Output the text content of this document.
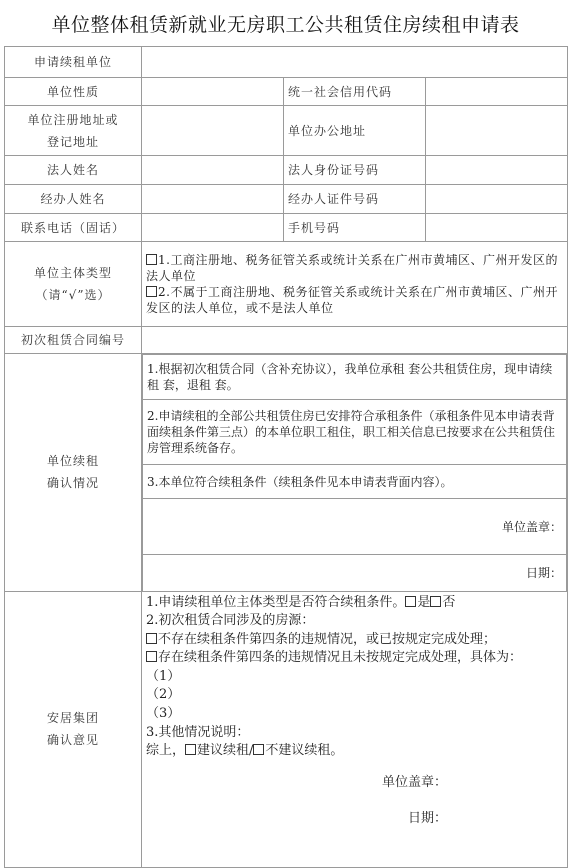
单位整体租赁新就业无房职工公共租赁住房续租申请表
申请续租单位	
单位性质		统一社会信用代码	

单位注册地址或登记地址
		单位办公地址	
法人姓名		法人身份证号码	
经办人姓名		经办人证件号码	
联系电话（固话）		手机号码	

单位主体类型
（请“√”选）

1.工商注册地、税务征管关系或统计关系在广州市黄埔区、广州开发区的法人单位
2.不属于工商注册地、税务征管关系或统计关系在广州市黄埔区、广州开发区的法人单位，或不是法人单位

初次租赁合同编号	

单位续租
确认情况

1.根据初次租赁合同（含补充协议），我单位承租 套公共租赁住房，现申请续租 套，退租 套。
2.申请续租的全部公共租赁住房已安排符合承租条件（承租条件见本申请表背面续租条件第三点）的本单位职工租住，职工相关信息已按要求在公共租赁住房管理系统备存。
3.本单位符合续租条件（续租条件见本申请表背面内容）。
单位盖章：
日期：

安居集团
确认意见

1.申请续租单位主体类型是否符合续租条件。 是 否
2.初次租赁合同涉及的房源：
不存在续租条件第四条的违规情况，或已按规定完成处理；
存在续租条件第四条的违规情况且未按规定完成处理，具体为：
（1）
（2）
（3）
3.其他情况说明：
综上， 建议续租/ 不建议续租。
单位盖章：
日期：
